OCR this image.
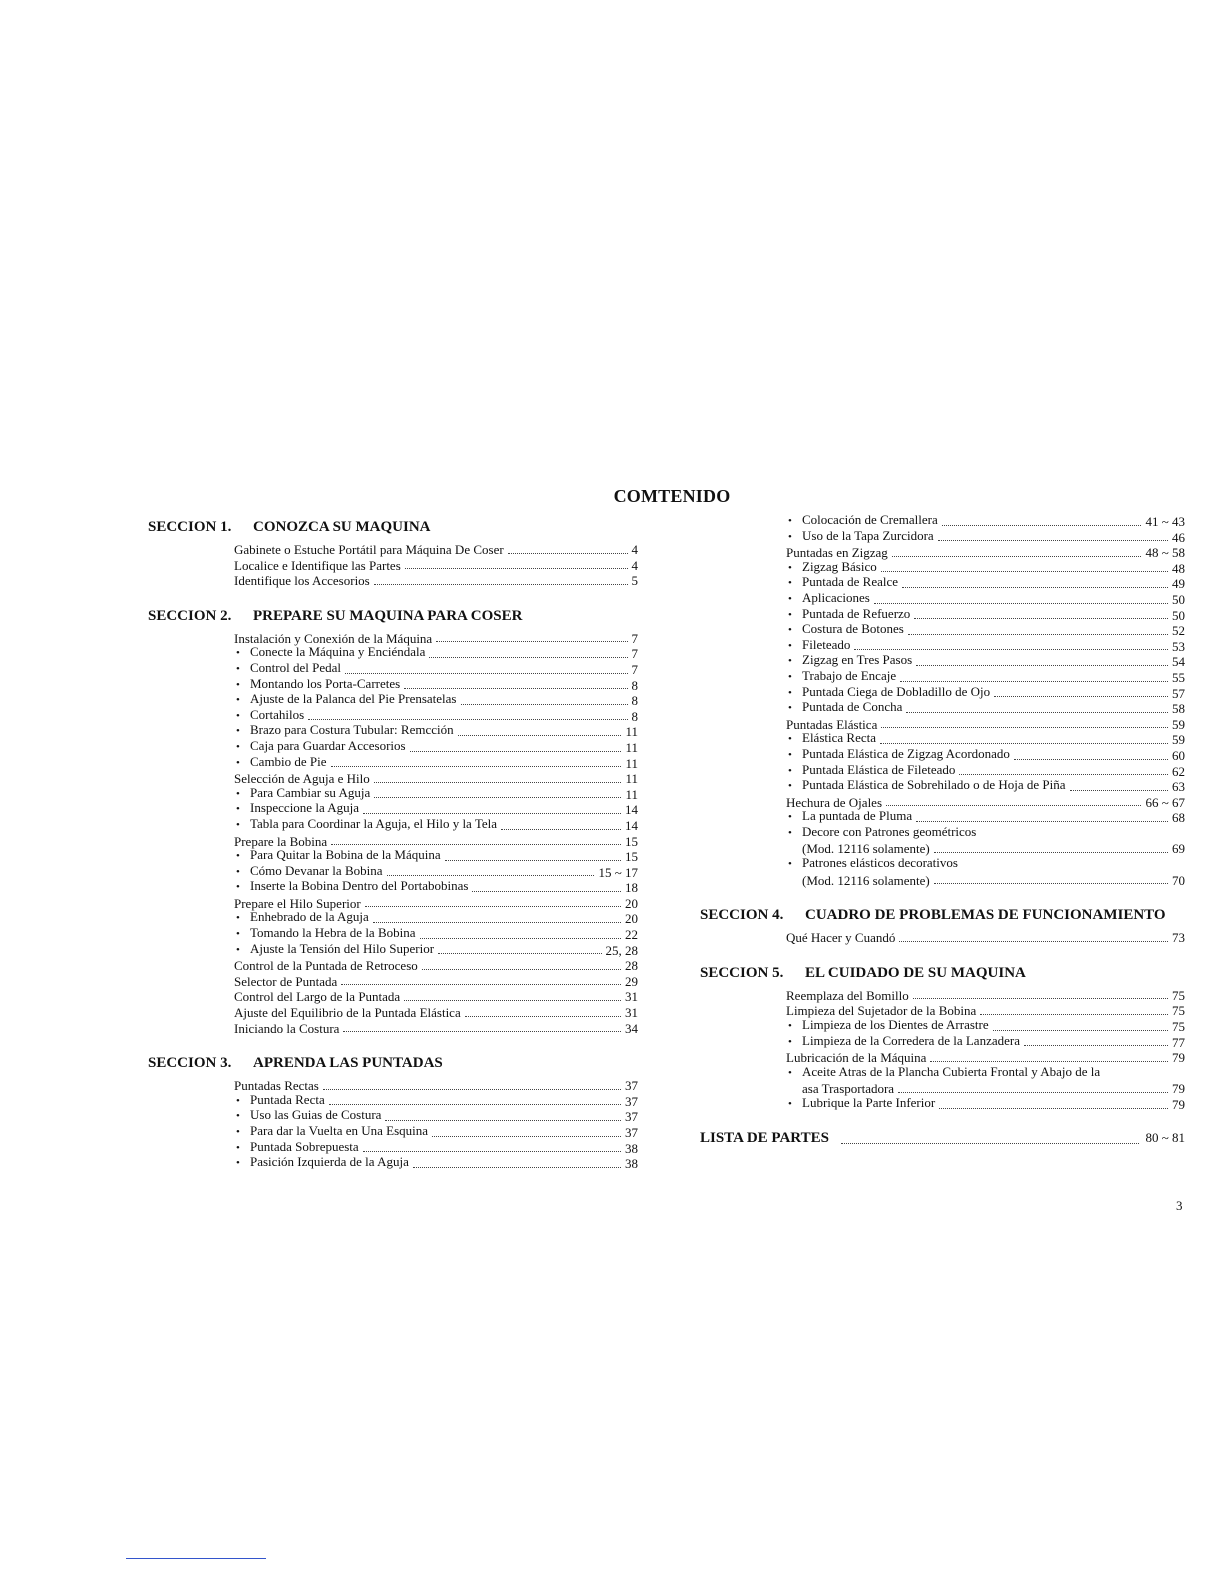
COMTENIDO
SECCION 1. CONOZCA SU MAQUINA
Gabinete o Estuche Portátil para Máquina De Coser	4
Localice e Identifique las Partes	4
Identifique los Accesorios	5
SECCION 2. PREPARE SU MAQUINA PARA COSER
Instalación y Conexión de la Máquina	7
• Conecte la Máquina y Enciéndala	7
• Control del Pedal	7
• Montando los Porta-Carretes	8
• Ajuste de la Palanca del Pie Prensatelas	8
• Cortahilos	8
• Brazo para Costura Tubular: Remcción	11
• Caja para Guardar Accesorios	11
• Cambio de Pie	11
Selección de Aguja e Hilo	11
• Para Cambiar su Aguja	11
• Inspeccione la Aguja	14
• Tabla para Coordinar la Aguja, el Hilo y la Tela	14
Prepare la Bobina	15
• Para Quitar la Bobina de la Máquina	15
• Cómo Devanar la Bobina	15 ~ 17
• Inserte la Bobina Dentro del Portabobinas	18
Prepare el Hilo Superior	20
• Enhebrado de la Aguja	20
• Tomando la Hebra de la Bobina	22
• Ajuste la Tensión del Hilo Superior	25, 28
Control de la Puntada de Retroceso	28
Selector de Puntada	29
Control del Largo de la Puntada	31
Ajuste del Equilibrio de la Puntada Elástica	31
Iniciando la Costura	34
SECCION 3. APRENDA LAS PUNTADAS
Puntadas Rectas	37
• Puntada Recta	37
• Uso las Guias de Costura	37
• Para dar la Vuelta en Una Esquina	37
• Puntada Sobrepuesta	38
• Pasición Izquierda de la Aguja	38
• Colocación de Cremallera	41 ~ 43
• Uso de la Tapa Zurcidora	46
Puntadas en Zigzag	48 ~ 58
• Zigzag Básico	48
• Puntada de Realce	49
• Aplicaciones	50
• Puntada de Refuerzo	50
• Costura de Botones	52
• Fileteado	53
• Zigzag en Tres Pasos	54
• Trabajo de Encaje	55
• Puntada Ciega de Dobladillo de Ojo	57
• Puntada de Concha	58
Puntadas Elástica	59
• Elástica Recta	59
• Puntada Elástica de Zigzag Acordonado	60
• Puntada Elástica de Fileteado	62
• Puntada Elástica de Sobrehilado o de Hoja de Piña	63
Hechura de Ojales	66 ~ 67
• La puntada de Pluma	68
• Decore con Patrones geométricos
(Mod. 12116 solamente)	69
• Patrones elásticos decorativos
(Mod. 12116 solamente)	70
SECCION 4. CUADRO DE PROBLEMAS DE FUNCIONAMIENTO
Qué Hacer y Cuandó	73
SECCION 5. EL CUIDADO DE SU MAQUINA
Reemplaza del Bomillo	75
Limpieza del Sujetador de la Bobina	75
• Limpieza de los Dientes de Arrastre	75
• Limpieza de la Corredera de la Lanzadera	77
Lubricación de la Máquina	79
• Aceite Atras de la Plancha Cubierta Frontal y Abajo de la
asa Trasportadora	79
• Lubrique la Parte Inferior	79
LISTA DE PARTES	80 ~ 81
3
